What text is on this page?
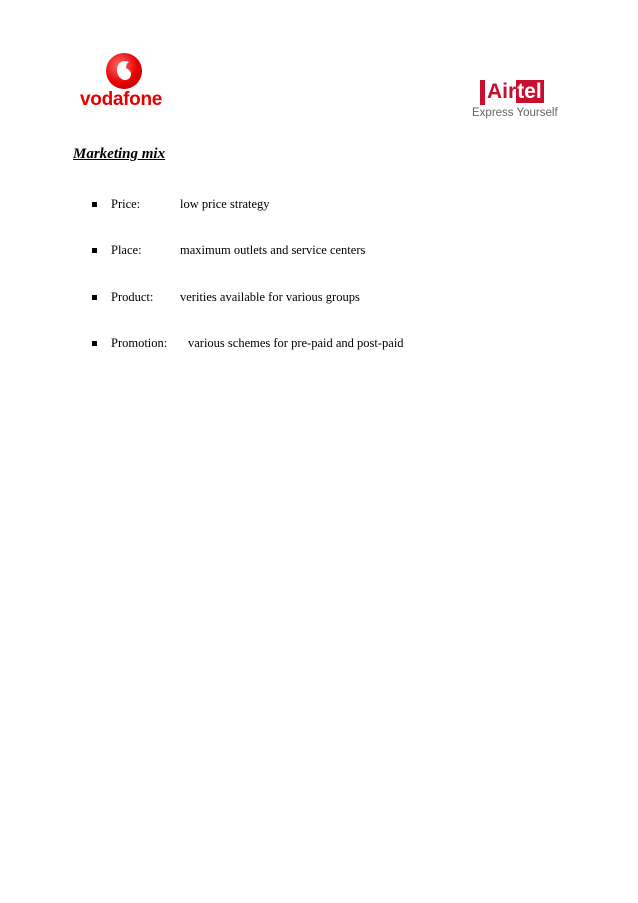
vodafone	Airtel
Express Yourself
Marketing mix
Price:	low price strategy
Place:	maximum outlets and service centers
Product: verities available for various groups
Promotion: various schemes for pre-paid and post-paid
